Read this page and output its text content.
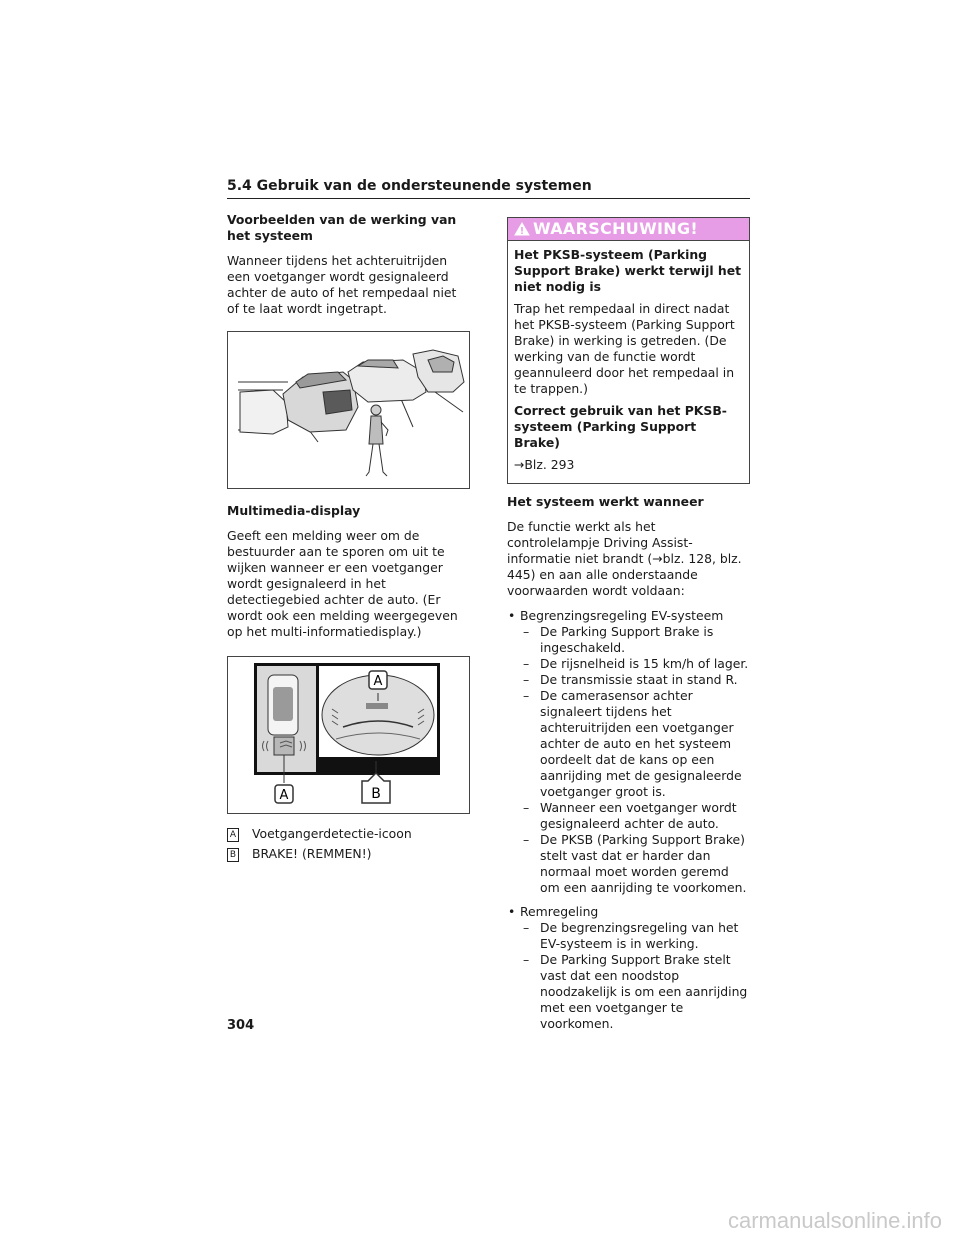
5.4 Gebruik van de ondersteunende systemen

Voorbeelden van de werking van het systeem

Wanneer tijdens het achteruitrijden een voetganger wordt gesignaleerd achter de auto of het rempedaal niet of te laat wordt ingetrapt.

Multimedia-display

Geeft een melding weer om de bestuurder aan te sporen om uit te wijken wanneer er een voetganger wordt gesignaleerd in het detectiegebied achter de auto. (Er wordt ook een melding weergegeven op het multi-informatiedisplay.)

A
A	B
A Voetgangerdetectie-icoon
B BRAKE! (REMMEN!)
WAARSCHUWING!

Het PKSB-systeem (Parking Support Brake) werkt terwijl het niet nodig is

Trap het rempedaal in direct nadat het PKSB-systeem (Parking Support Brake) in werking is getreden. (De werking van de functie wordt geannuleerd door het rempedaal in te trappen.)

Correct gebruik van het PKSB-systeem (Parking Support Brake)

→Blz. 293

Het systeem werkt wanneer

De functie werkt als het controlelampje Driving Assist-informatie niet brandt (→blz. 128, blz. 445) en aan alle onderstaande voorwaarden wordt voldaan:

• Begrenzingsregeling EV-systeem
– De Parking Support Brake is ingeschakeld.
– De rijsnelheid is 15 km/h of lager.
– De transmissie staat in stand R.
– De camerasensor achter signaleert tijdens het achteruitrijden een voetganger achter de auto en het systeem oordeelt dat de kans op een aanrijding met de gesignaleerde voetganger groot is.
– Wanneer een voetganger wordt gesignaleerd achter de auto.
– De PKSB (Parking Support Brake) stelt vast dat er harder dan normaal moet worden geremd om een aanrijding te voorkomen.
• Remregeling
– De begrenzingsregeling van het EV-systeem is in werking.
– De Parking Support Brake stelt vast dat een noodstop noodzakelijk is om een aanrijding met een voetganger te voorkomen.
304
carmanualsonline.info
